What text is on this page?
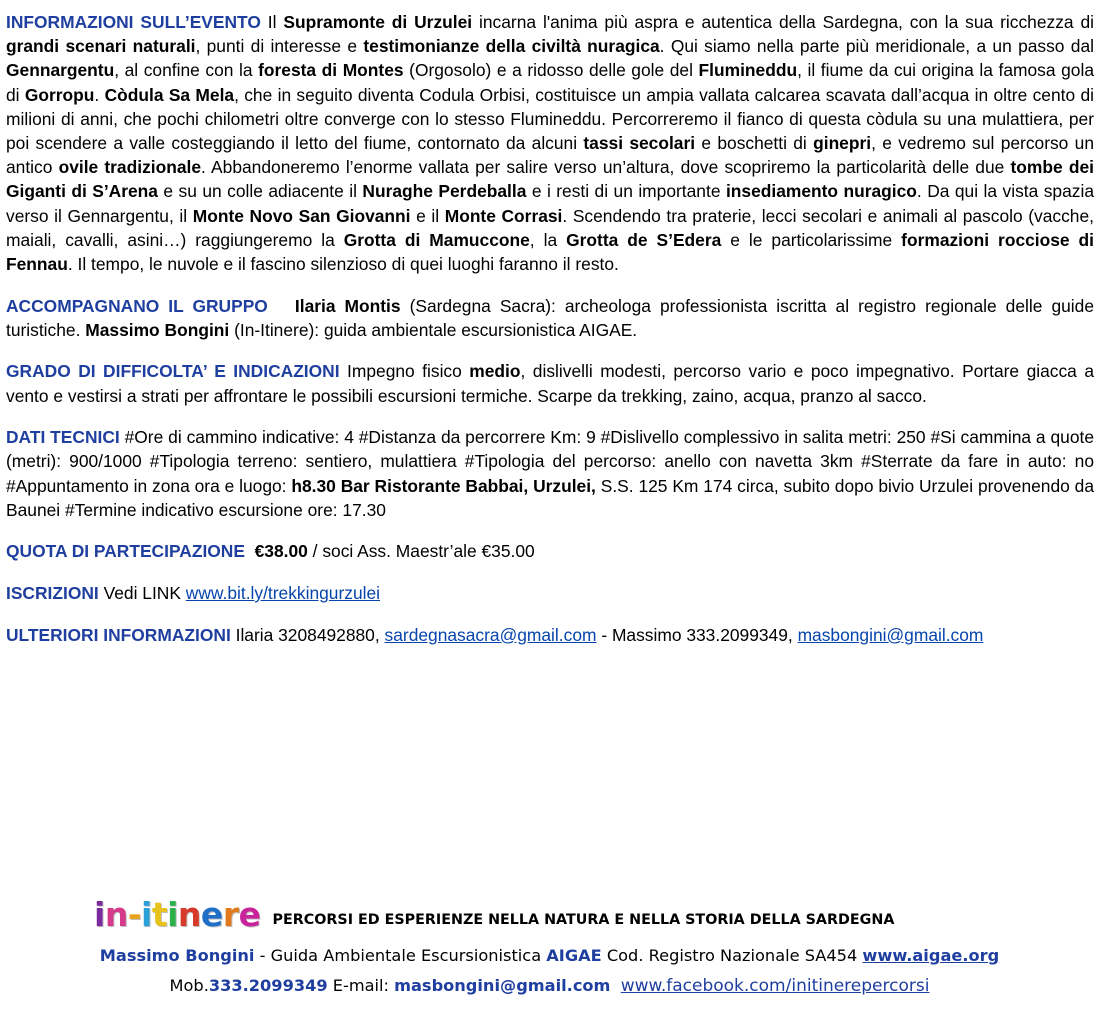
INFORMAZIONI SULL’EVENTO Il Supramonte di Urzulei incarna l'anima più aspra e autentica della Sardegna, con la sua ricchezza di grandi scenari naturali, punti di interesse e testimonianze della civiltà nuragica. Qui siamo nella parte più meridionale, a un passo dal Gennargentu, al confine con la foresta di Montes (Orgosolo) e a ridosso delle gole del Flumineddu, il fiume da cui origina la famosa gola di Gorropu. Còdula Sa Mela, che in seguito diventa Codula Orbisi, costituisce un ampia vallata calcarea scavata dall’acqua in oltre cento di milioni di anni, che pochi chilometri oltre converge con lo stesso Flumineddu. Percorreremo il fianco di questa còdula su una mulattiera, per poi scendere a valle costeggiando il letto del fiume, contornato da alcuni tassi secolari e boschetti di ginepri, e vedremo sul percorso un antico ovile tradizionale. Abbandoneremo l’enorme vallata per salire verso un’altura, dove scopriremo la particolarità delle due tombe dei Giganti di S’Arena e su un colle adiacente il Nuraghe Perdeballa e i resti di un importante insediamento nuragico. Da qui la vista spazia verso il Gennargentu, il Monte Novo San Giovanni e il Monte Corrasi. Scendendo tra praterie, lecci secolari e animali al pascolo (vacche, maiali, cavalli, asini…) raggiungeremo la Grotta di Mamuccone, la Grotta de S’Edera e le particolarissime formazioni rocciose di Fennau. Il tempo, le nuvole e il fascino silenzioso di quei luoghi faranno il resto.

ACCOMPAGNANO IL GRUPPO Ilaria Montis (Sardegna Sacra): archeologa professionista iscritta al registro regionale delle guide turistiche. Massimo Bongini (In-Itinere): guida ambientale escursionistica AIGAE.

GRADO DI DIFFICOLTA’ E INDICAZIONI Impegno fisico medio, dislivelli modesti, percorso vario e poco impegnativo. Portare giacca a vento e vestirsi a strati per affrontare le possibili escursioni termiche. Scarpe da trekking, zaino, acqua, pranzo al sacco.

DATI TECNICI #Ore di cammino indicative: 4 #Distanza da percorrere Km: 9 #Dislivello complessivo in salita metri: 250 #Si cammina a quote (metri): 900/1000 #Tipologia terreno: sentiero, mulattiera #Tipologia del percorso: anello con navetta 3km #Sterrate da fare in auto: no #Appuntamento in zona ora e luogo: h8.30 Bar Ristorante Babbai, Urzulei, S.S. 125 Km 174 circa, subito dopo bivio Urzulei provenendo da Baunei #Termine indicativo escursione ore: 17.30

QUOTA DI PARTECIPAZIONE €38.00 / soci Ass. Maestr’ale €35.00

ISCRIZIONI Vedi LINK www.bit.ly/trekkingurzulei

ULTERIORI INFORMAZIONI Ilaria 3208492880, sardegnasacra@gmail.com - Massimo 333.2099349, masbongini@gmail.com

i n - i t i n e r e PERCORSI ED ESPERIENZE NELLA NATURA E NELLA STORIA DELLA SARDEGNA
Massimo Bongini - Guida Ambientale Escursionistica AIGAE Cod. Registro Nazionale SA454 www.aigae.org
Mob.333.2099349 E-mail: masbongini@gmail.com www.facebook.com/initinerepercorsi
